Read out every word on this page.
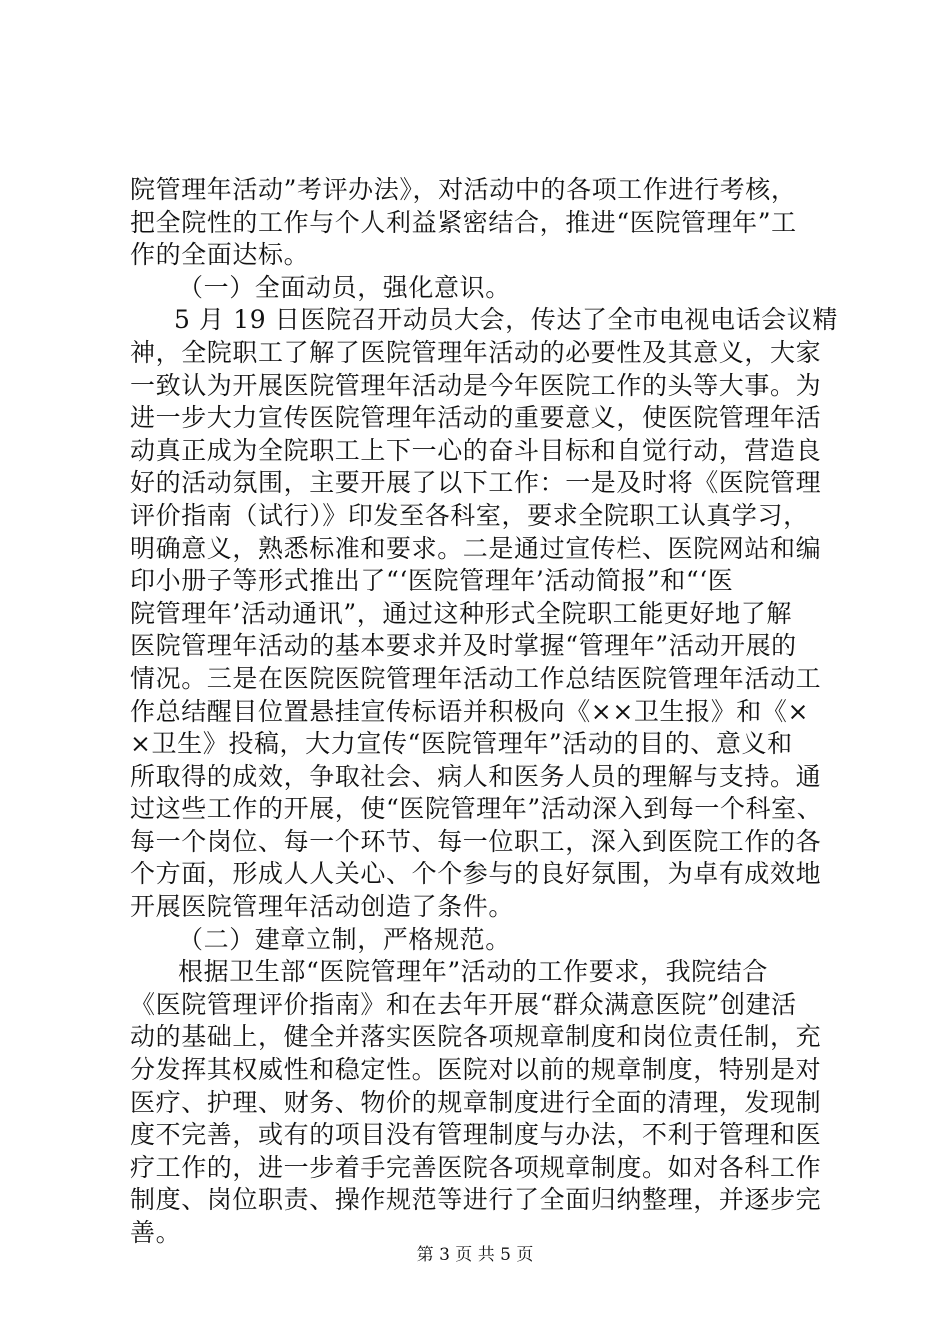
院管理年活动”考评办法》，对活动中的各项工作进行考核，
把全院性的工作与个人利益紧密结合，推进“医院管理年”工
作的全面达标。
（一）全面动员，强化意识。
5 月 19 日医院召开动员大会，传达了全市电视电话会议精
神，全院职工了解了医院管理年活动的必要性及其意义，大家
一致认为开展医院管理年活动是今年医院工作的头等大事。为
进一步大力宣传医院管理年活动的重要意义，使医院管理年活
动真正成为全院职工上下一心的奋斗目标和自觉行动，营造良
好的活动氛围，主要开展了以下工作：一是及时将《医院管理
评价指南（试行）》印发至各科室，要求全院职工认真学习，
明确意义，熟悉标准和要求。二是通过宣传栏、医院网站和编
印小册子等形式推出了“‘医院管理年’活动简报”和“‘医
院管理年’活动通讯”，通过这种形式全院职工能更好地了解
医院管理年活动的基本要求并及时掌握“管理年”活动开展的
情况。三是在医院医院管理年活动工作总结医院管理年活动工
作总结醒目位置悬挂宣传标语并积极向《××卫生报》和《×
×卫生》投稿，大力宣传“医院管理年”活动的目的、意义和
所取得的成效，争取社会、病人和医务人员的理解与支持。通
过这些工作的开展，使“医院管理年”活动深入到每一个科室、
每一个岗位、每一个环节、每一位职工，深入到医院工作的各
个方面，形成人人关心、个个参与的良好氛围，为卓有成效地
开展医院管理年活动创造了条件。
（二）建章立制，严格规范。
根据卫生部“医院管理年”活动的工作要求，我院结合
《医院管理评价指南》和在去年开展“群众满意医院”创建活
动的基础上，健全并落实医院各项规章制度和岗位责任制，充
分发挥其权威性和稳定性。医院对以前的规章制度，特别是对
医疗、护理、财务、物价的规章制度进行全面的清理，发现制
度不完善，或有的项目没有管理制度与办法，不利于管理和医
疗工作的，进一步着手完善医院各项规章制度。如对各科工作
制度、岗位职责、操作规范等进行了全面归纳整理，并逐步完
善。
第 3 页 共 5 页
